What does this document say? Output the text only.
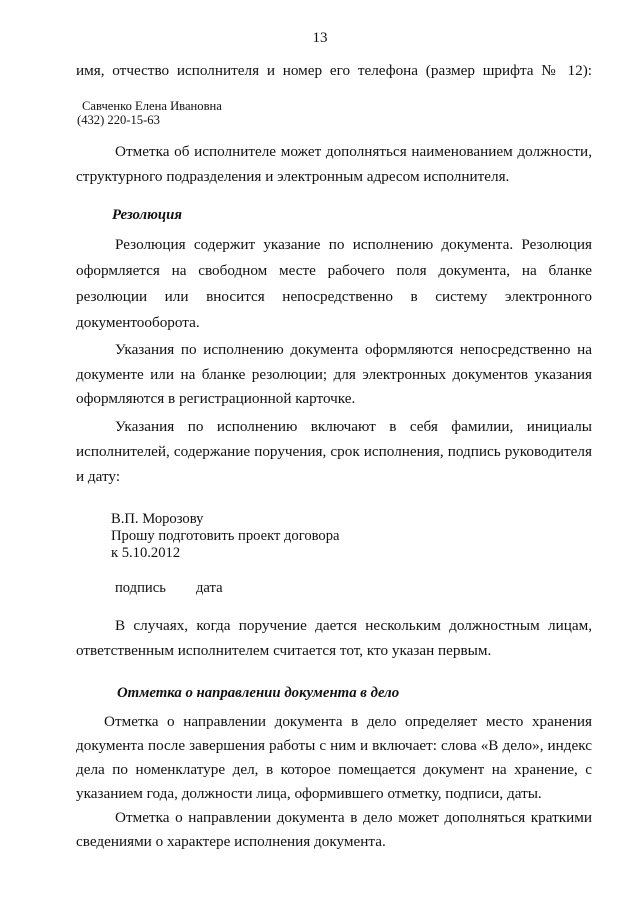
13
имя, отчество исполнителя и номер его телефона (размер шрифта № 12):
Савченко Елена Ивановна
(432) 220-15-63
Отметка об исполнителе может дополняться наименованием должности,
структурного подразделения и электронным адресом исполнителя.
Резолюция
Резолюция содержит указание по исполнению документа. Резолюция
оформляется на свободном месте рабочего поля документа, на бланке
резолюции или вносится непосредственно в систему электронного
документооборота.
Указания по исполнению документа оформляются непосредственно на
документе или на бланке резолюции; для электронных документов указания
оформляются в регистрационной карточке.
Указания по исполнению включают в себя фамилии, инициалы
исполнителей, содержание поручения, срок исполнения, подпись руководителя
и дату:
В.П. Морозову
Прошу подготовить проект договора
к 5.10.2012
подпись дата
В случаях, когда поручение дается нескольким должностным лицам,
ответственным исполнителем считается тот, кто указан первым.
Отметка о направлении документа в дело
Отметка о направлении документа в дело определяет место хранения
документа после завершения работы с ним и включает: слова «В дело», индекс
дела по номенклатуре дел, в которое помещается документ на хранение, с
указанием года, должности лица, оформившего отметку, подписи, даты.
Отметка о направлении документа в дело может дополняться краткими
сведениями о характере исполнения документа.
